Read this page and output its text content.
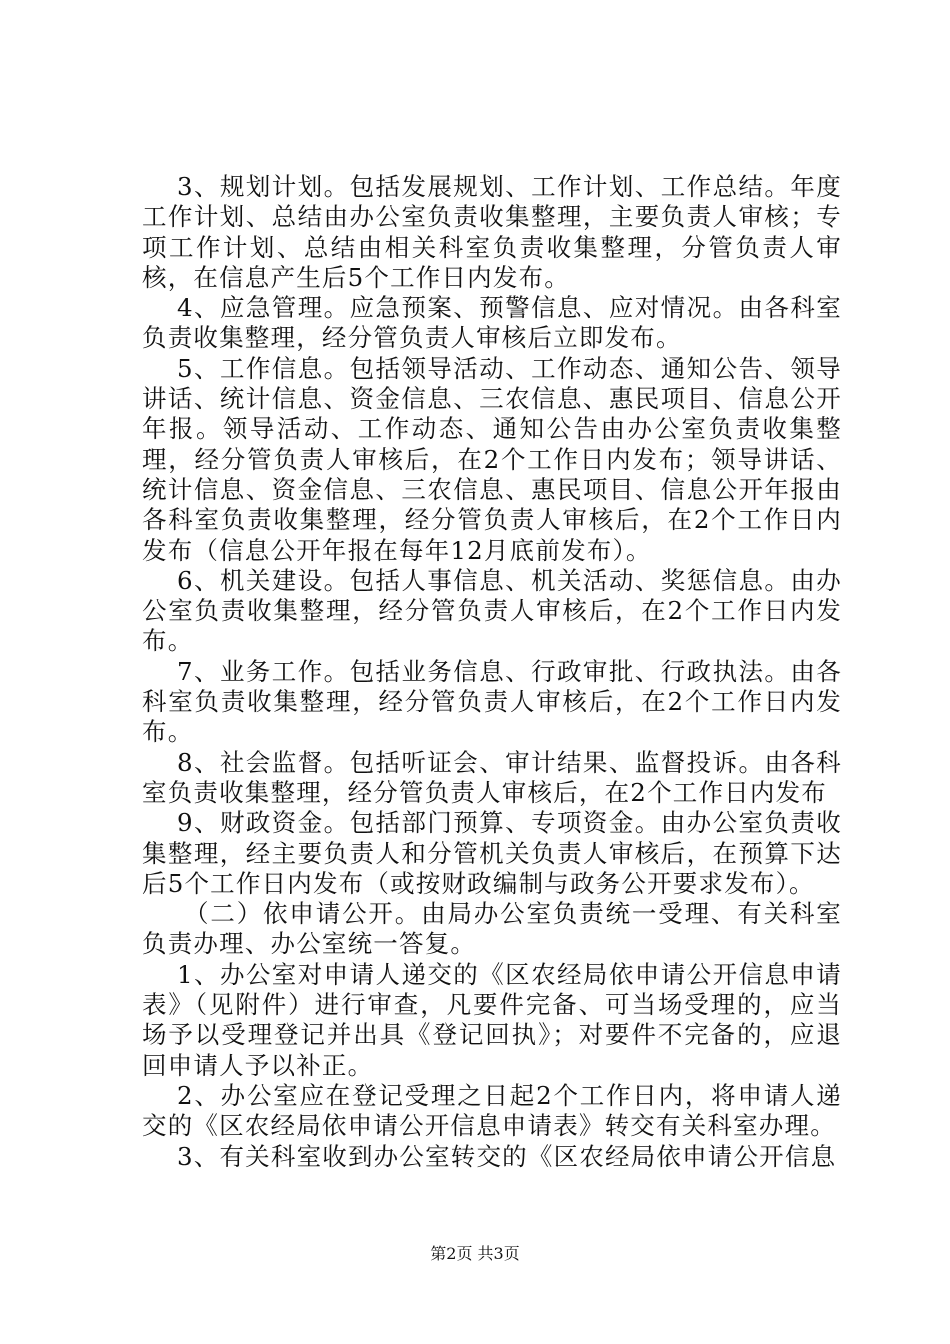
3、规划计划。包括发展规划、工作计划、工作总结。年度工作计划、总结由办公室负责收集整理，主要负责人审核；专项工作计划、总结由相关科室负责收集整理，分管负责人审核，在信息产生后5个工作日内发布。

4、应急管理。应急预案、预警信息、应对情况。由各科室负责收集整理，经分管负责人审核后立即发布。

5、工作信息。包括领导活动、工作动态、通知公告、领导讲话、统计信息、资金信息、三农信息、惠民项目、信息公开年报。领导活动、工作动态、通知公告由办公室负责收集整理，经分管负责人审核后，在2个工作日内发布；领导讲话、统计信息、资金信息、三农信息、惠民项目、信息公开年报由各科室负责收集整理，经分管负责人审核后，在2个工作日内发布（信息公开年报在每年12月底前发布）。

6、机关建设。包括人事信息、机关活动、奖惩信息。由办公室负责收集整理，经分管负责人审核后，在2个工作日内发布。

7、业务工作。包括业务信息、行政审批、行政执法。由各科室负责收集整理，经分管负责人审核后，在2个工作日内发布。

8、社会监督。包括听证会、审计结果、监督投诉。由各科室负责收集整理，经分管负责人审核后，在2个工作日内发布

9、财政资金。包括部门预算、专项资金。由办公室负责收集整理，经主要负责人和分管机关负责人审核后，在预算下达后5个工作日内发布（或按财政编制与政务公开要求发布）。

（二）依申请公开。由局办公室负责统一受理、有关科室负责办理、办公室统一答复。

1、办公室对申请人递交的《区农经局依申请公开信息申请表》（见附件）进行审查，凡要件完备、可当场受理的，应当场予以受理登记并出具《登记回执》；对要件不完备的，应退回申请人予以补正。

2、办公室应在登记受理之日起2个工作日内，将申请人递交的《区农经局依申请公开信息申请表》转交有关科室办理。

3、有关科室收到办公室转交的《区农经局依申请公开信息

第2页 共3页
